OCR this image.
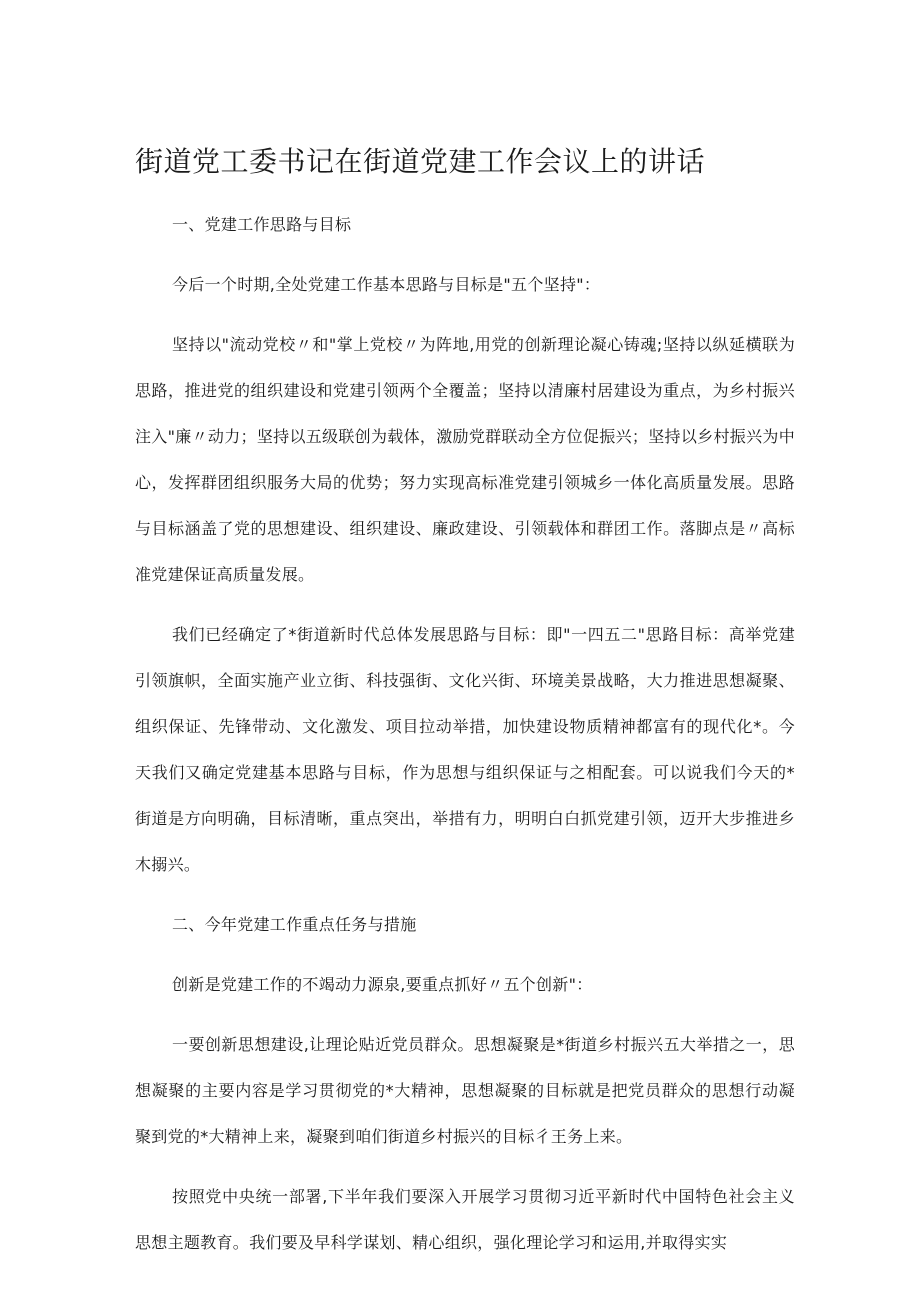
街道党工委书记在街道党建工作会议上的讲话

一、党建工作思路与目标

今后一个时期,全处党建工作基本思路与目标是"五个坚持"：

坚持以"流动党校〃和"掌上党校〃为阵地,用党的创新理论凝心铸魂;坚持以纵延横联为思路，推进党的组织建设和党建引领两个全覆盖；坚持以清廉村居建设为重点，为乡村振兴注入"廉〃动力；坚持以五级联创为载体，激励党群联动全方位促振兴；坚持以乡村振兴为中心，发挥群团组织服务大局的优势；努力实现高标准党建引领城乡一体化高质量发展。思路与目标涵盖了党的思想建设、组织建设、廉政建设、引领载体和群团工作。落脚点是〃高标准党建保证高质量发展。

我们已经确定了*街道新时代总体发展思路与目标：即"一四五二"思路目标：高举党建引领旗帜，全面实施产业立街、科技强街、文化兴街、环境美景战略，大力推进思想凝聚、组织保证、先锋带动、文化激发、项目拉动举措，加快建设物质精神都富有的现代化*。今天我们又确定党建基本思路与目标，作为思想与组织保证与之相配套。可以说我们今天的*街道是方向明确，目标清晰，重点突出，举措有力，明明白白抓党建引领，迈开大步推进乡木搦兴。

二、今年党建工作重点任务与措施

创新是党建工作的不竭动力源泉,要重点抓好〃五个创新"：

一要创新思想建设,让理论贴近党员群众。思想凝聚是*街道乡村振兴五大举措之一，思想凝聚的主要内容是学习贯彻党的*大精神，思想凝聚的目标就是把党员群众的思想行动凝聚到党的*大精神上来，凝聚到咱们街道乡村振兴的目标彳王务上来。

按照党中央统一部署,下半年我们要深入开展学习贯彻习近平新时代中国特色社会主义思想主题教育。我们要及早科学谋划、精心组织，强化理论学习和运用,并取得实实
